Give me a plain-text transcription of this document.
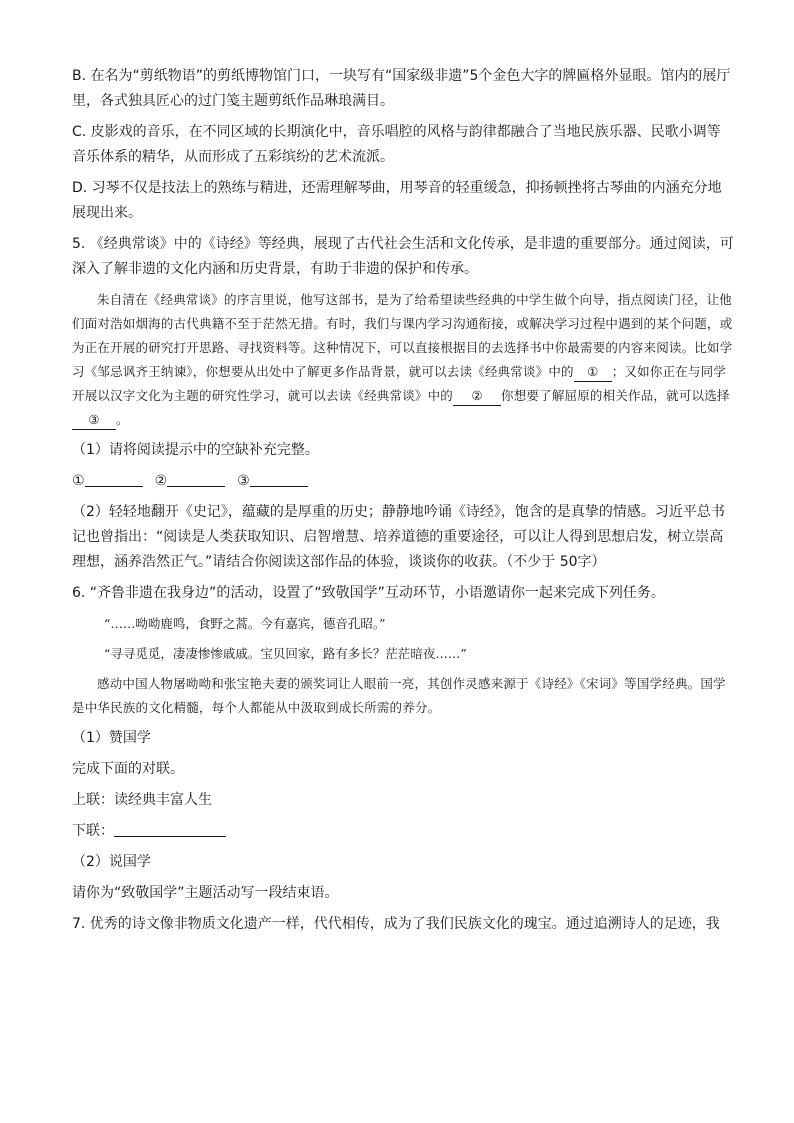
B. 在名为“剪纸物语”的剪纸博物馆门口，一块写有“国家级非遗”5个金色大字的牌匾格外显眼。馆内的展厅里，各式独具匠心的过门笺主题剪纸作品琳琅满目。

C. 皮影戏的音乐，在不同区域的长期演化中，音乐唱腔的风格与韵律都融合了当地民族乐器、民歌小调等音乐体系的精华，从而形成了五彩缤纷的艺术流派。

D. 习琴不仅是技法上的熟练与精进，还需理解琴曲，用琴音的轻重缓急，抑扬顿挫将古琴曲的内涵充分地展现出来。

5. 《经典常谈》中的《诗经》等经典，展现了古代社会生活和文化传承，是非遗的重要部分。通过阅读，可深入了解非遗的文化内涵和历史背景，有助于非遗的保护和传承。

朱自清在《经典常谈》的序言里说，他写这部书，是为了给希望读些经典的中学生做个向导，指点阅读门径，让他们面对浩如烟海的古代典籍不至于茫然无措。有时，我们与课内学习沟通衔接，或解决学习过程中遇到的某个问题，或为正在开展的研究打开思路、寻找资料等。这种情况下，可以直接根据目的去选择书中你最需要的内容来阅读。比如学习《邹忌讽齐王纳谏》，你想要从出处中了解更多作品背景，就可以去读《经典常谈》中的 ① ；又如你正在与同学开展以汉字文化为主题的研究性学习，就可以去读《经典常谈》中的 ② 你想要了解屈原的相关作品，就可以选择③ 。

（1）请将阅读提示中的空缺补充完整。

①	②	③

（2）轻轻地翻开《史记》，蕴藏的是厚重的历史；静静地吟诵《诗经》，饱含的是真挚的情感。习近平总书记也曾指出：“阅读是人类获取知识、启智增慧、培养道德的重要途径，可以让人得到思想启发，树立崇高理想，涵养浩然正气。”请结合你阅读这部作品的体验，谈谈你的收获。（不少于 50字）

6. “齐鲁非遗在我身边”的活动，设置了“致敬国学”互动环节，小语邀请你一起来完成下列任务。

“……呦呦鹿鸣，食野之蒿。今有嘉宾，德音孔昭。”

“寻寻觅觅，凄凄惨惨戚戚。宝贝回家，路有多长？茫茫暗夜……”

感动中国人物屠呦呦和张宝艳夫妻的颁奖词让人眼前一亮，其创作灵感来源于《诗经》《宋词》等国学经典。国学是中华民族的文化精髓，每个人都能从中汲取到成长所需的养分。

（1）赞国学

完成下面的对联。

上联：读经典丰富人生

下联：

（2）说国学

请你为“致敬国学”主题活动写一段结束语。

7. 优秀的诗文像非物质文化遗产一样，代代相传，成为了我们民族文化的瑰宝。通过追溯诗人的足迹，我
